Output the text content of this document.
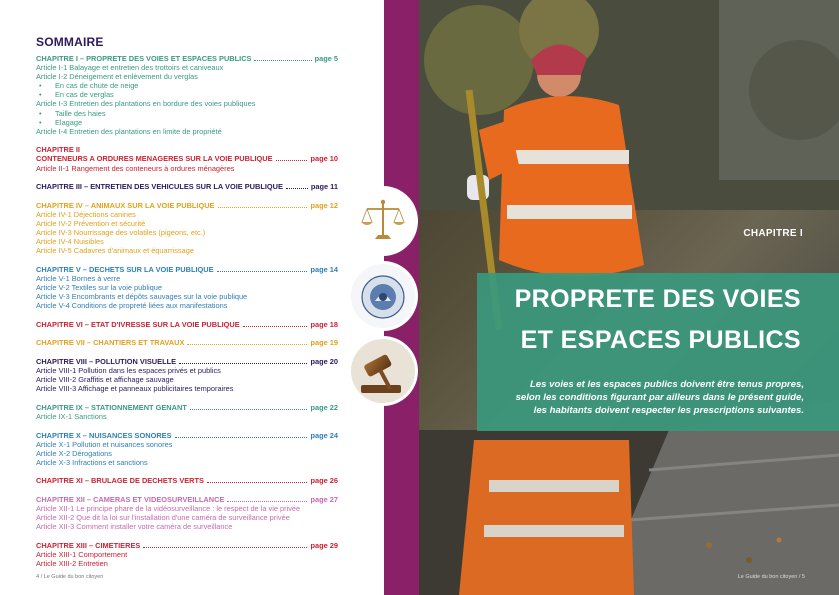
SOMMAIRE
CHAPITRE I – PROPRETE DES VOIES ET ESPACES PUBLICS	page 5
Article I-1 Balayage et entretien des trottoirs et caniveaux
Article I-2 Déneigement et enlèvement du verglas
• En cas de chute de neige
• En cas de verglas
Article I-3 Entretien des plantations en bordure des voies publiques
• Taille des haies
• Elagage
Article I-4 Entretien des plantations en limite de propriété
CHAPITRE II
CONTENEURS A ORDURES MENAGERES SUR LA VOIE PUBLIQUE	page 10
Article II-1 Rangement des conteneurs à ordures ménagères
CHAPITRE III – ENTRETIEN DES VEHICULES SUR LA VOIE PUBLIQUE	page 11
CHAPITRE IV – ANIMAUX SUR LA VOIE PUBLIQUE	page 12
Article IV-1 Déjections canines
Article IV-2 Prévention et sécurité
Article IV-3 Nourrissage des volatiles (pigeons, etc.)
Article IV-4 Nuisibles
Article IV-5 Cadavres d'animaux et équarrissage
CHAPITRE V – DECHETS SUR LA VOIE PUBLIQUE	page 14
Article V-1 Bornes à verre
Article V-2 Textiles sur la voie publique
Article V-3 Encombrants et dépôts sauvages sur la voie publique
Article V-4 Conditions de propreté liées aux manifestations
CHAPITRE VI – ETAT D'IVRESSE SUR LA VOIE PUBLIQUE	page 18
CHAPITRE VII – CHANTIERS ET TRAVAUX	page 19
CHAPITRE VIII – POLLUTION VISUELLE	page 20
Article VIII-1 Pollution dans les espaces privés et publics
Article VIII-2 Graffitis et affichage sauvage
Article VIII-3 Affichage et panneaux publicitaires temporaires
CHAPITRE IX – STATIONNEMENT GENANT	page 22
Article IX-1 Sanctions
CHAPITRE X – NUISANCES SONORES	page 24
Article X-1 Pollution et nuisances sonores
Article X-2 Dérogations
Article X-3 Infractions et sanctions
CHAPITRE XI – BRULAGE DE DECHETS VERTS	page 26
CHAPITRE XII – CAMERAS ET VIDEOSURVEILLANCE	page 27
Article XII-1 Le principe phare de la vidéosurveillance : le respect de la vie privée
Article XII-2 Que dit la loi sur l'installation d'une caméra de surveillance privée
Article XII-3 Comment installer votre caméra de surveillance
CHAPITRE XIII – CIMETIERES	page 29
Article XIII-1 Comportement
Article XIII-2 Entretien
4 / Le Guide du bon citoyen
CHAPITRE I
PROPRETE DES VOIES
ET ESPACES PUBLICS
Les voies et les espaces publics doivent être tenus propres, selon les conditions figurant par ailleurs dans le présent guide, les habitants doivent respecter les prescriptions suivantes.
Le Guide du bon citoyen / 5
